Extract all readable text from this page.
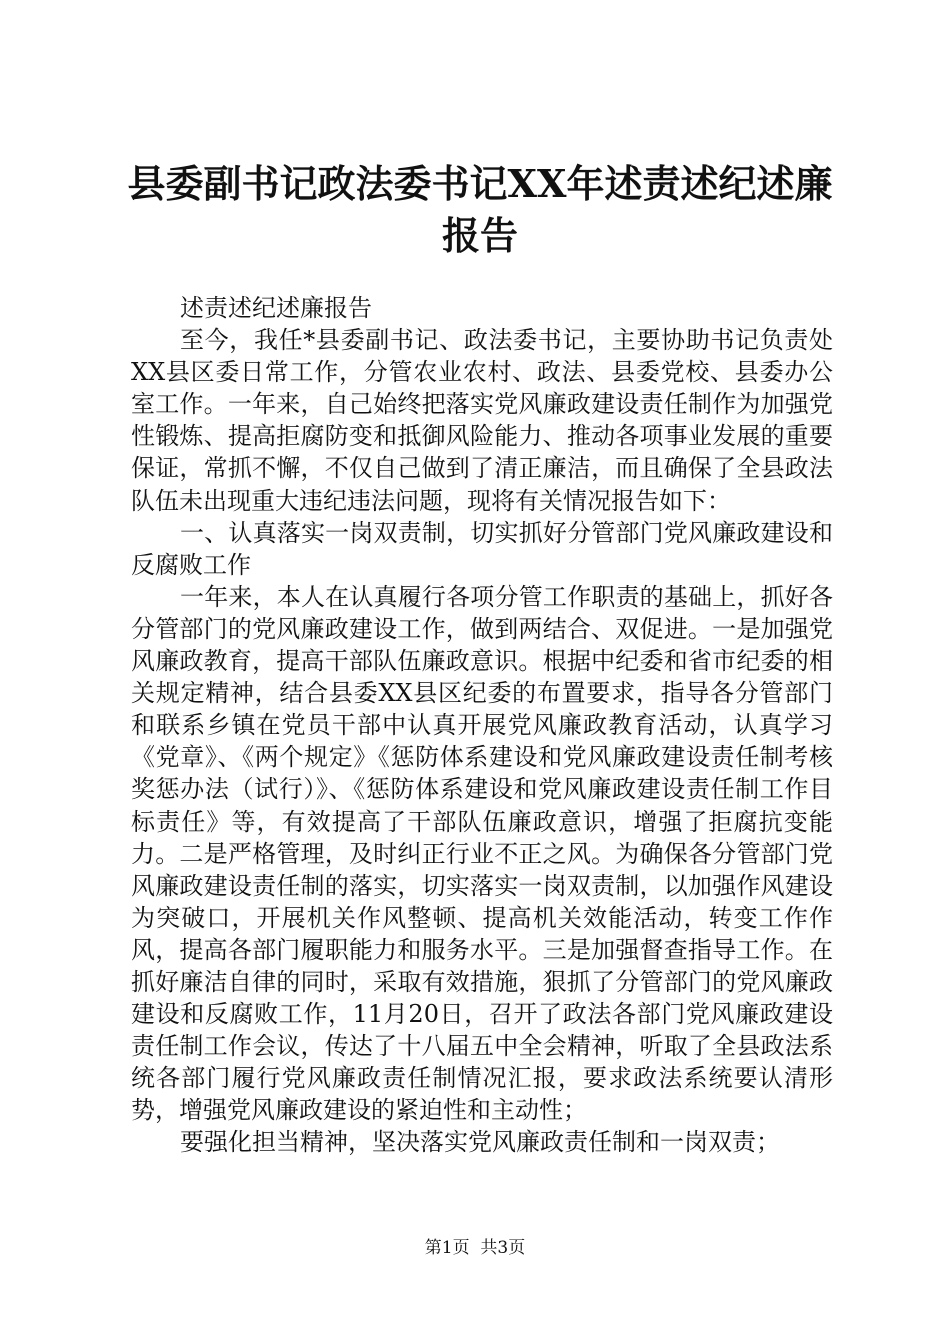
县委副书记政法委书记XX年述责述纪述廉报告

述责述纪述廉报告

至今，我任*县委副书记、政法委书记，主要协助书记负责处XX县区委日常工作，分管农业农村、政法、县委党校、县委办公室工作。一年来，自己始终把落实党风廉政建设责任制作为加强党性锻炼、提高拒腐防变和抵御风险能力、推动各项事业发展的重要保证，常抓不懈，不仅自己做到了清正廉洁，而且确保了全县政法队伍未出现重大违纪违法问题，现将有关情况报告如下：

一、认真落实一岗双责制，切实抓好分管部门党风廉政建设和反腐败工作

一年来，本人在认真履行各项分管工作职责的基础上，抓好各分管部门的党风廉政建设工作，做到两结合、双促进。一是加强党风廉政教育，提高干部队伍廉政意识。根据中纪委和省市纪委的相关规定精神，结合县委XX县区纪委的布置要求，指导各分管部门和联系乡镇在党员干部中认真开展党风廉政教育活动，认真学习《党章》、《两个规定》《惩防体系建设和党风廉政建设责任制考核奖惩办法（试行）》、《惩防体系建设和党风廉政建设责任制工作目标责任》等，有效提高了干部队伍廉政意识，增强了拒腐抗变能力。二是严格管理，及时纠正行业不正之风。为确保各分管部门党风廉政建设责任制的落实，切实落实一岗双责制，以加强作风建设为突破口，开展机关作风整顿、提高机关效能活动，转变工作作风，提高各部门履职能力和服务水平。三是加强督查指导工作。在抓好廉洁自律的同时，采取有效措施，狠抓了分管部门的党风廉政建设和反腐败工作，11月20日，召开了政法各部门党风廉政建设责任制工作会议，传达了十八届五中全会精神，听取了全县政法系统各部门履行党风廉政责任制情况汇报，要求政法系统要认清形势，增强党风廉政建设的紧迫性和主动性；

要强化担当精神，坚决落实党风廉政责任制和一岗双责；

第1页 共3页
